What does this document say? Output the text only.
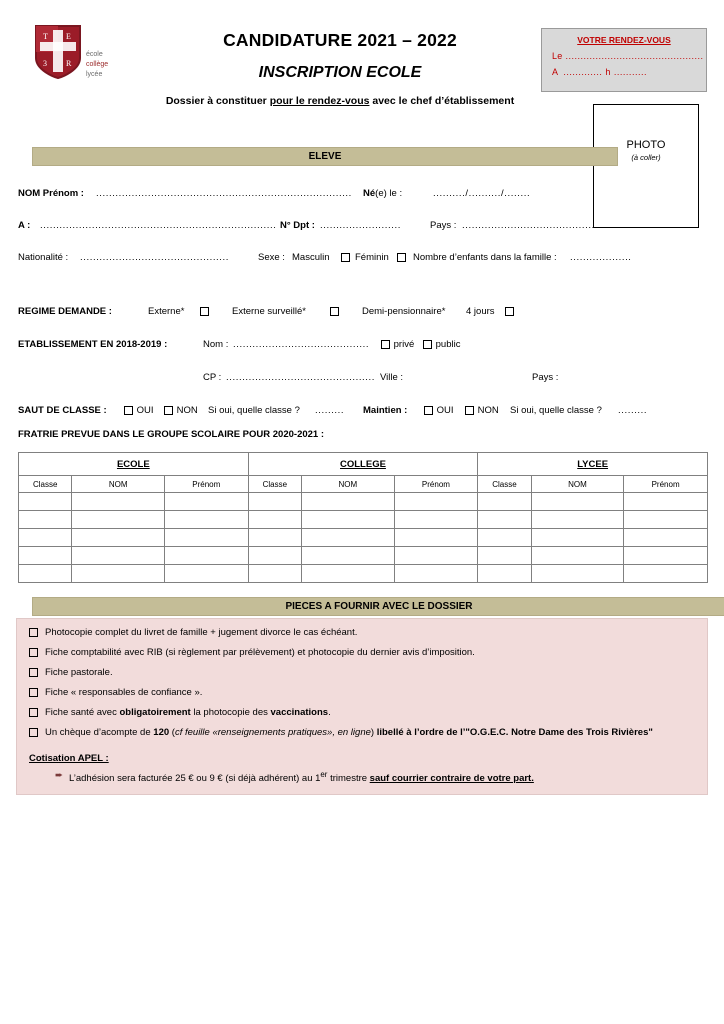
T E
3 R
école
collège
lycée
CANDIDATURE 2021 – 2022
INSCRIPTION ECOLE
Dossier à constituer pour le rendez-vous avec le chef d’établissement
VOTRE RENDEZ-VOUS
Le ..............................................
A ............. h ...........
PHOTO
(à coller)
ELEVE
NOM Prénom : ............................................................................... Né(e) le :	........../........../........
A : ......................................................................... N° Dpt : .........................	Pays : ..............................................
Nationalité : ..............................................	Sexe : Masculin	Féminin	Nombre d’enfants dans la famille : ...................
REGIME DEMANDE :	Externe*	Externe surveillé*	Demi-pensionnaire* 4 jours
ETABLISSEMENT EN 2018-2019 :	Nom : ..........................................	privé	public
CP : .............................................. Ville :	Pays :
SAUT DE CLASSE :	OUI	NON Si oui, quelle classe ? ......... Maintien :	OUI	NON Si oui, quelle classe ? .........
FRATRIE PREVUE DANS LE GROUPE SCOLAIRE POUR 2020-2021 :
ECOLE			COLLEGE			LYCEE		
Classe	NOM	Prénom	Classe	NOM	Prénom	Classe	NOM	Prénom

PIECES A FOURNIR AVEC LE DOSSIER
Photocopie complet du livret de famille + jugement divorce le cas échéant.
Fiche comptabilité avec RIB (si règlement par prélèvement) et photocopie du dernier avis d’imposition.
Fiche pastorale.
Fiche « responsables de confiance ».
Fiche santé avec obligatoirement la photocopie des vaccinations.
Un chèque d’acompte de 120 (cf feuille «renseignements pratiques», en ligne) libellé à l’ordre de l’"O.G.E.C. Notre Dame des Trois Rivières"
Cotisation APEL :
➨ L’adhésion sera facturée 25 € ou 9 € (si déjà adhérent) au 1er trimestre sauf courrier contraire de votre part.
